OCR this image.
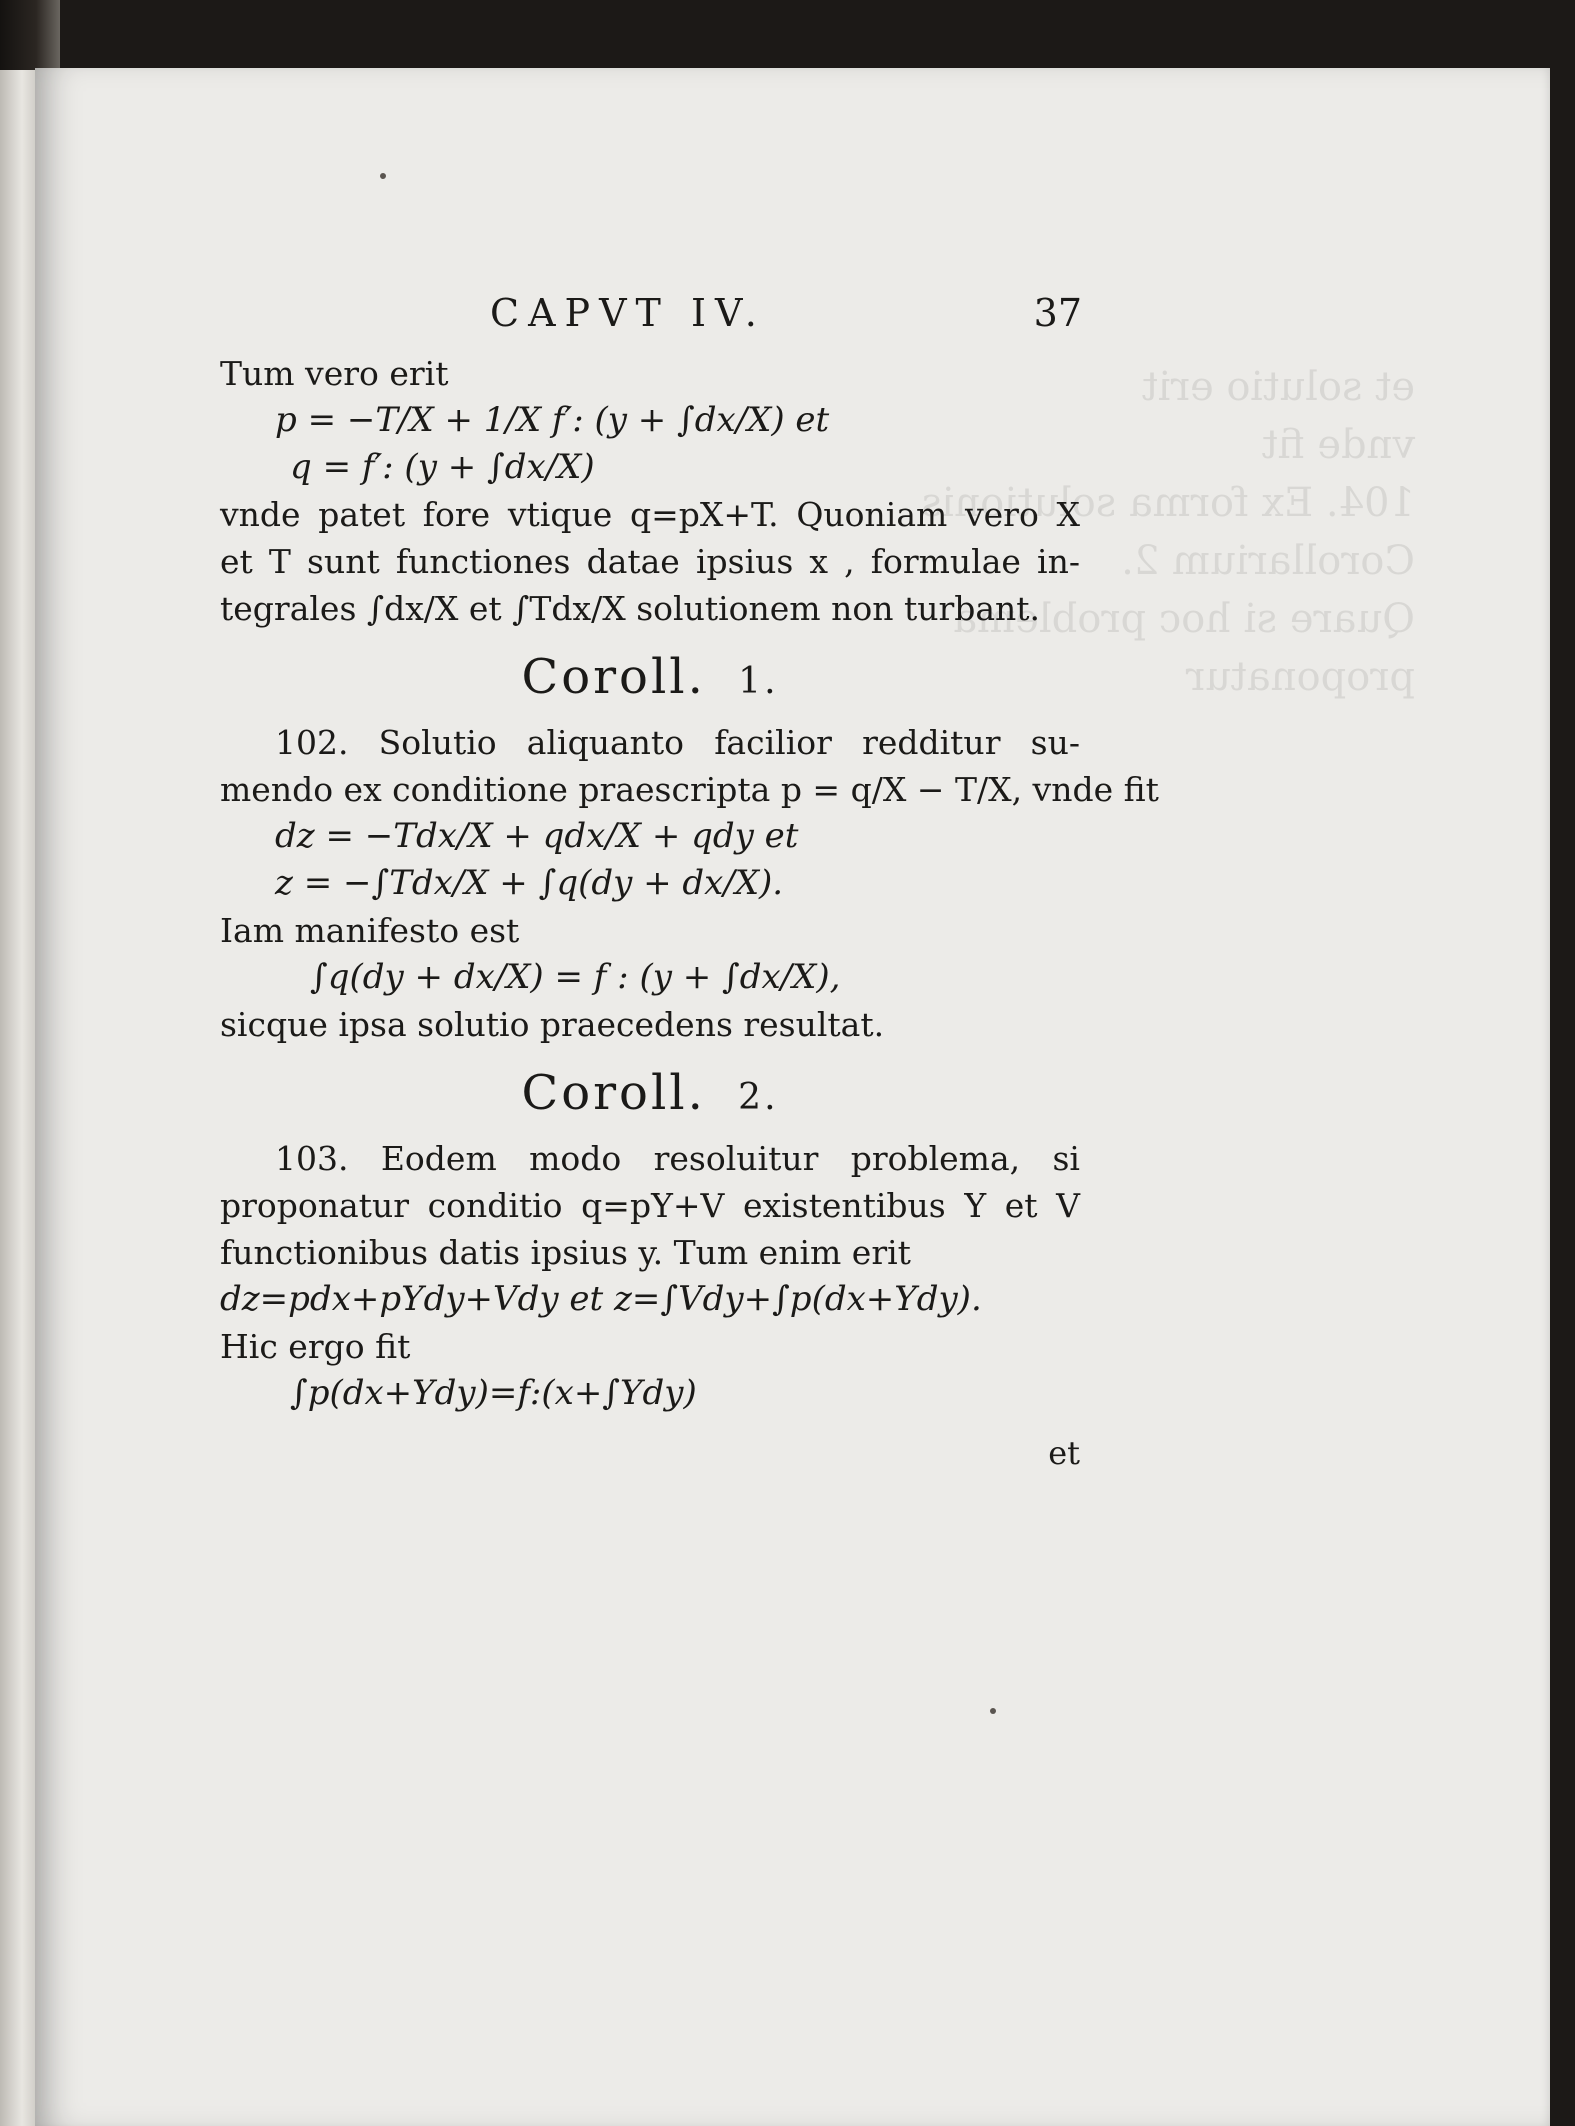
et solutio erit
vnde fit
104. Ex forma solutionis
Corollarium 2.
Quare si hoc problema proponatur
CAPVT IV.	37
Tum vero erit
p = −T/X + 1/X f′: (y + ∫dx/X) et
q = f′: (y + ∫dx/X)
vnde patet fore vtique q=pX+T. Quoniam vero X
et T sunt functiones datae ipsius x , formulae in-
tegrales ∫dx/X et ∫Tdx/X solutionem non turbant.
Coroll. 1.
102. Solutio aliquanto facilior redditur su-
mendo ex conditione praescripta p = q/X − T/X, vnde fit
dz = −Tdx/X + qdx/X + qdy et
z = −∫Tdx/X + ∫q(dy + dx/X).
Iam manifesto est
∫q(dy + dx/X) = f : (y + ∫dx/X),
sicque ipsa solutio praecedens resultat.
Coroll. 2.
103. Eodem modo resoluitur problema, si
proponatur conditio q=pY+V existentibus Y et V
functionibus datis ipsius y. Tum enim erit
dz=pdx+pYdy+Vdy et z=∫Vdy+∫p(dx+Ydy).
Hic ergo fit
∫p(dx+Ydy)=f:(x+∫Ydy)
et
